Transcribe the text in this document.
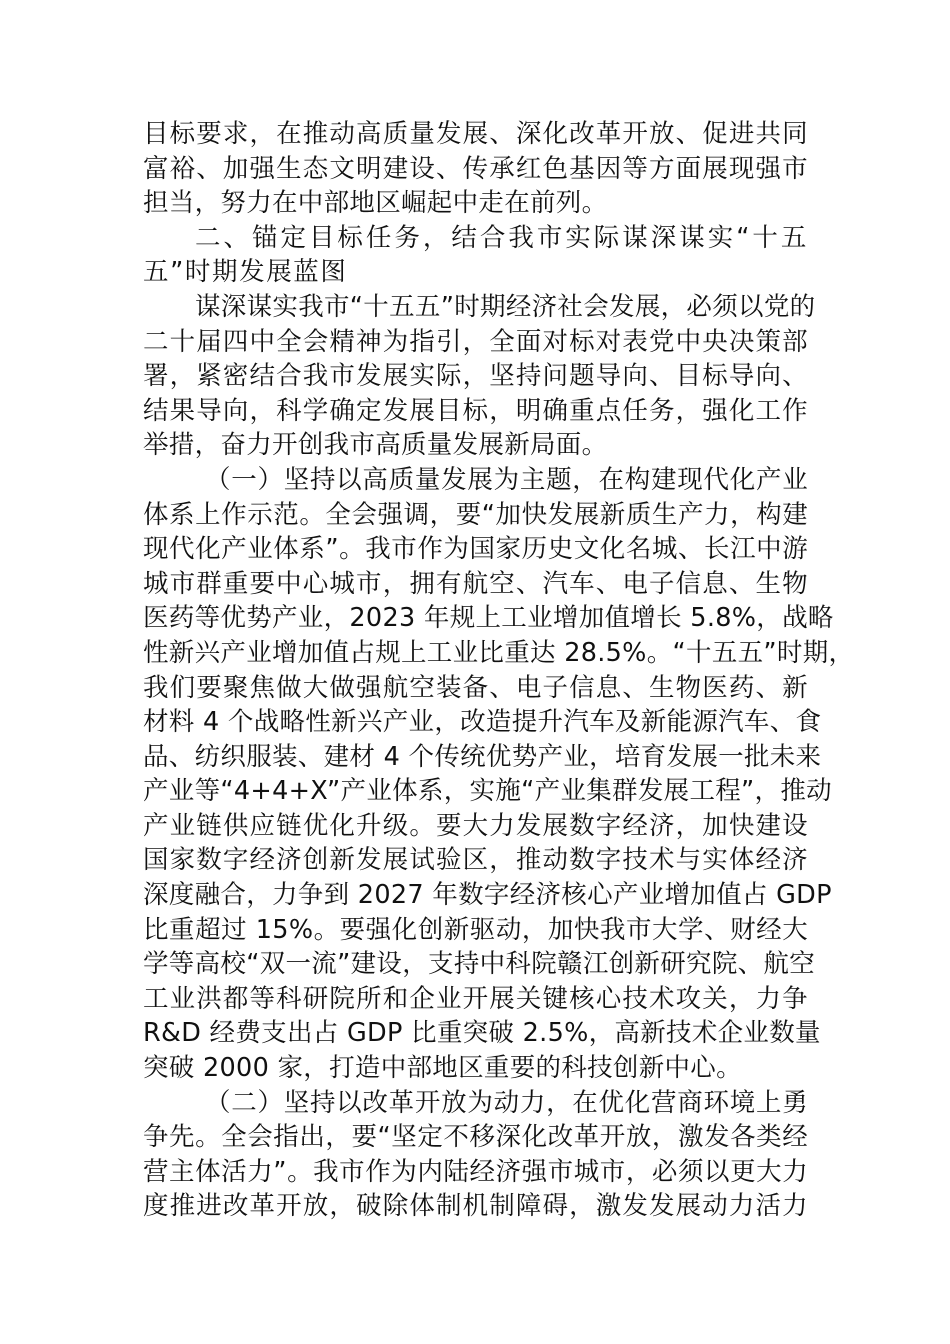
目标要求，在推动高质量发展、深化改革开放、促进共同
富裕、加强生态文明建设、传承红色基因等方面展现强市
担当，努力在中部地区崛起中走在前列。
二、锚定目标任务，结合我市实际谋深谋实“十五
五”时期发展蓝图
谋深谋实我市“十五五”时期经济社会发展，必须以党的
二十届四中全会精神为指引，全面对标对表党中央决策部
署，紧密结合我市发展实际，坚持问题导向、目标导向、
结果导向，科学确定发展目标，明确重点任务，强化工作
举措，奋力开创我市高质量发展新局面。
（一）坚持以高质量发展为主题，在构建现代化产业
体系上作示范。全会强调，要“加快发展新质生产力，构建
现代化产业体系”。我市作为国家历史文化名城、长江中游
城市群重要中心城市，拥有航空、汽车、电子信息、生物
医药等优势产业，2023 年规上工业增加值增长 5.8%，战略
性新兴产业增加值占规上工业比重达 28.5%。“十五五”时期，
我们要聚焦做大做强航空装备、电子信息、生物医药、新
材料 4 个战略性新兴产业，改造提升汽车及新能源汽车、食
品、纺织服装、建材 4 个传统优势产业，培育发展一批未来
产业等“4+4+X”产业体系，实施“产业集群发展工程”，推动
产业链供应链优化升级。要大力发展数字经济，加快建设
国家数字经济创新发展试验区，推动数字技术与实体经济
深度融合，力争到 2027 年数字经济核心产业增加值占 GDP
比重超过 15%。要强化创新驱动，加快我市大学、财经大
学等高校“双一流”建设，支持中科院赣江创新研究院、航空
工业洪都等科研院所和企业开展关键核心技术攻关，力争
R&D 经费支出占 GDP 比重突破 2.5%，高新技术企业数量
突破 2000 家，打造中部地区重要的科技创新中心。
（二）坚持以改革开放为动力，在优化营商环境上勇
争先。全会指出，要“坚定不移深化改革开放，激发各类经
营主体活力”。我市作为内陆经济强市城市，必须以更大力
度推进改革开放，破除体制机制障碍，激发发展动力活力
